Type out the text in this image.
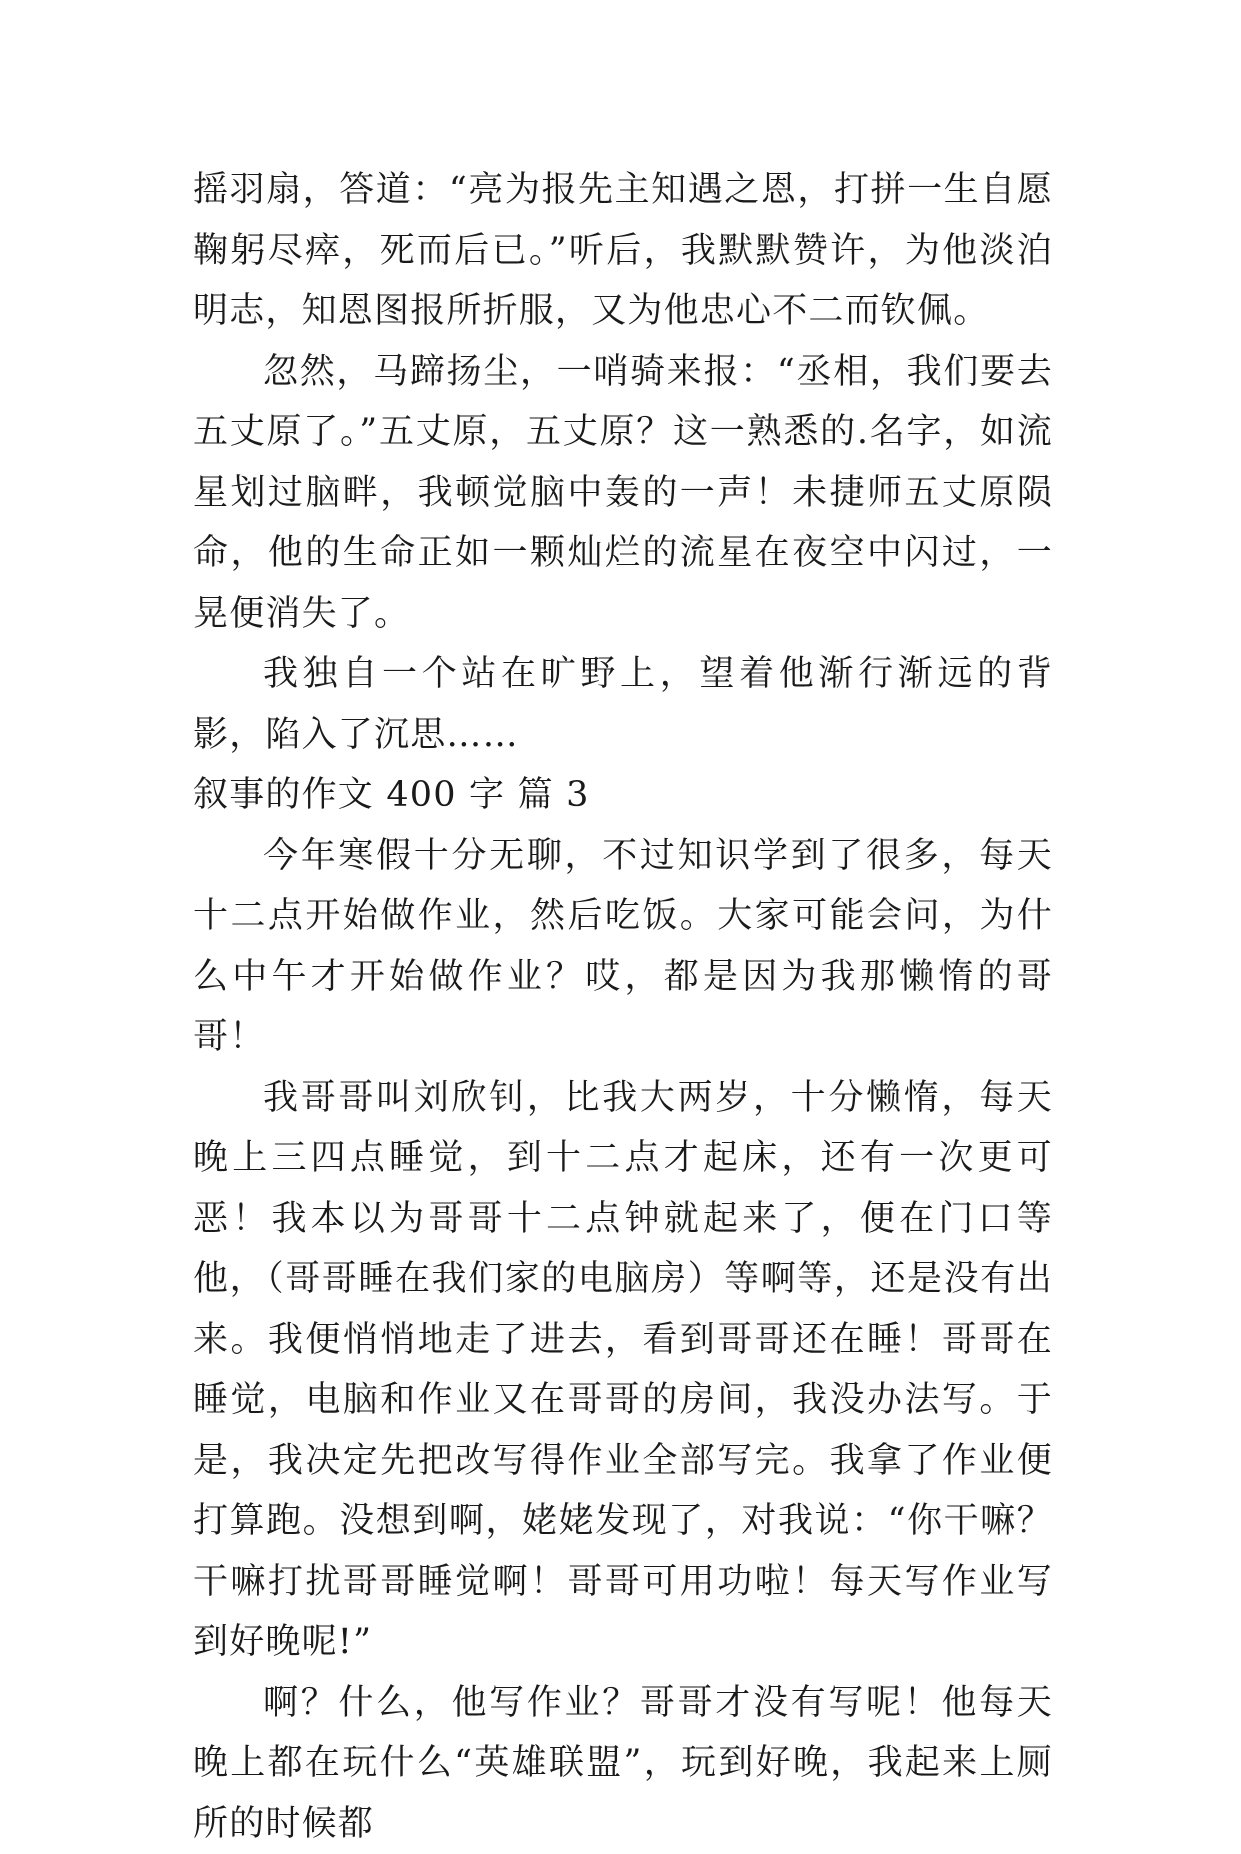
摇羽扇，答道：“亮为报先主知遇之恩，打拼一生自愿鞠躬尽瘁，死而后已。”听后，我默默赞许，为他淡泊明志，知恩图报所折服，又为他忠心不二而钦佩。

忽然，马蹄扬尘，一哨骑来报：“丞相，我们要去五丈原了。”五丈原，五丈原？这一熟悉的.名字，如流星划过脑畔，我顿觉脑中轰的一声！未捷师五丈原陨命，他的生命正如一颗灿烂的流星在夜空中闪过，一晃便消失了。

我独自一个站在旷野上，望着他渐行渐远的背影，陷入了沉思……

叙事的作文 400 字 篇 3

今年寒假十分无聊，不过知识学到了很多，每天十二点开始做作业，然后吃饭。大家可能会问，为什么中午才开始做作业？哎，都是因为我那懒惰的哥哥！

我哥哥叫刘欣钊，比我大两岁，十分懒惰，每天晚上三四点睡觉，到十二点才起床，还有一次更可恶！我本以为哥哥十二点钟就起来了，便在门口等他，（哥哥睡在我们家的电脑房）等啊等，还是没有出来。我便悄悄地走了进去，看到哥哥还在睡！哥哥在睡觉，电脑和作业又在哥哥的房间，我没办法写。于是，我决定先把改写得作业全部写完。我拿了作业便打算跑。没想到啊，姥姥发现了，对我说：“你干嘛？干嘛打扰哥哥睡觉啊！哥哥可用功啦！每天写作业写到好晚呢!”

啊？什么，他写作业？哥哥才没有写呢！他每天晚上都在玩什么“英雄联盟”，玩到好晚，我起来上厕所的时候都
